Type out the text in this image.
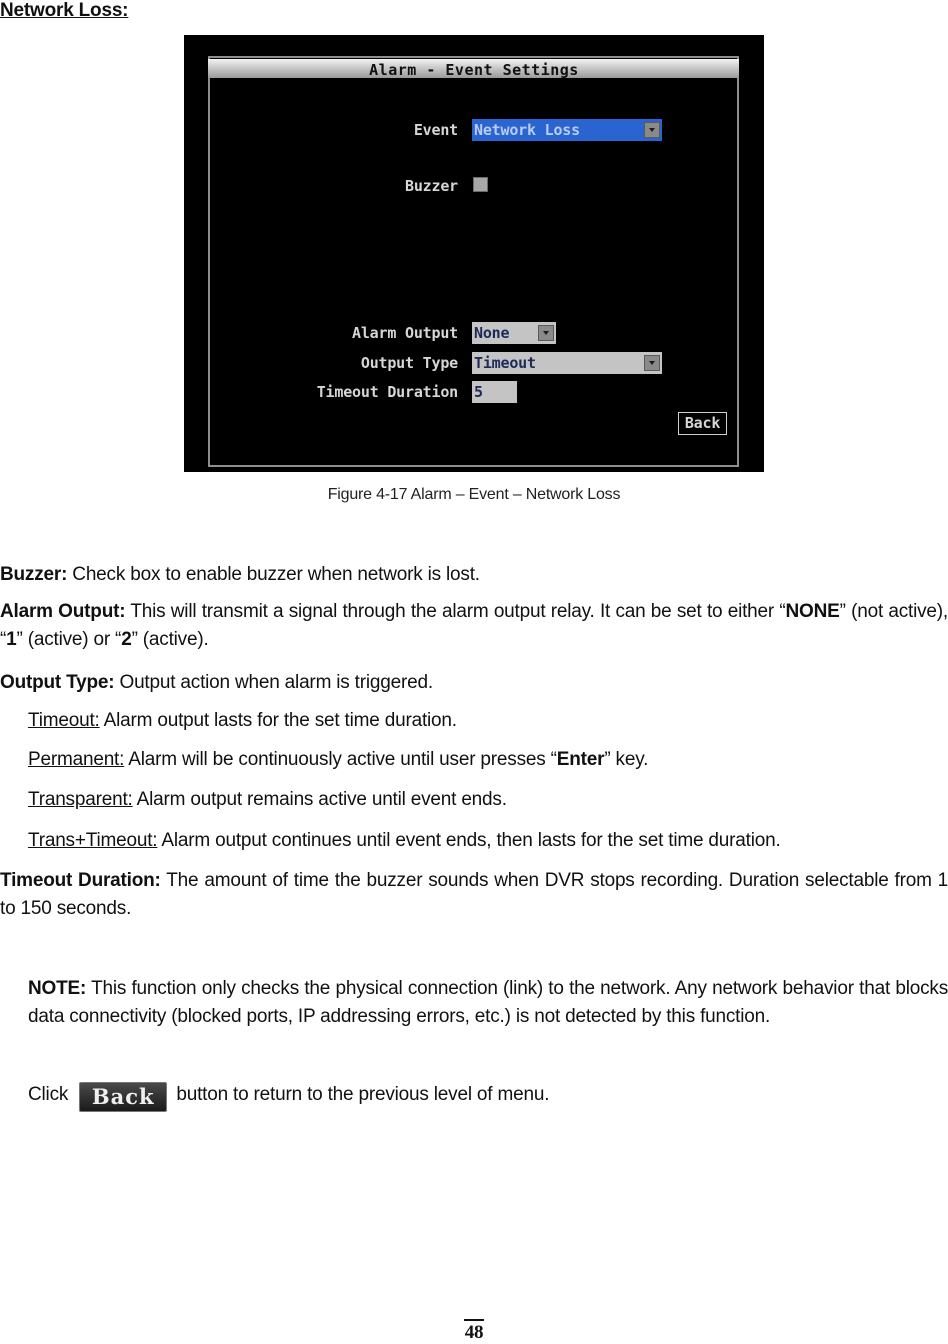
Network Loss:
Alarm - Event Settings
Event Network Loss
Buzzer
Alarm Output None
Output Type Timeout
Timeout Duration 5
Back
Figure 4-17 Alarm – Event – Network Loss
Buzzer: Check box to enable buzzer when network is lost.
Alarm Output: This will transmit a signal through the alarm output relay. It can be set to either “NONE” (not active), “1” (active) or “2” (active).
Output Type: Output action when alarm is triggered.
Timeout: Alarm output lasts for the set time duration.
Permanent: Alarm will be continuously active until user presses “Enter” key.
Transparent: Alarm output remains active until event ends.
Trans+Timeout: Alarm output continues until event ends, then lasts for the set time duration.
Timeout Duration: The amount of time the buzzer sounds when DVR stops recording. Duration selectable from 1 to 150 seconds.
NOTE: This function only checks the physical connection (link) to the network. Any network behavior that blocks data connectivity (blocked ports, IP addressing errors, etc.) is not detected by this function.
Click Back button to return to the previous level of menu.
48
